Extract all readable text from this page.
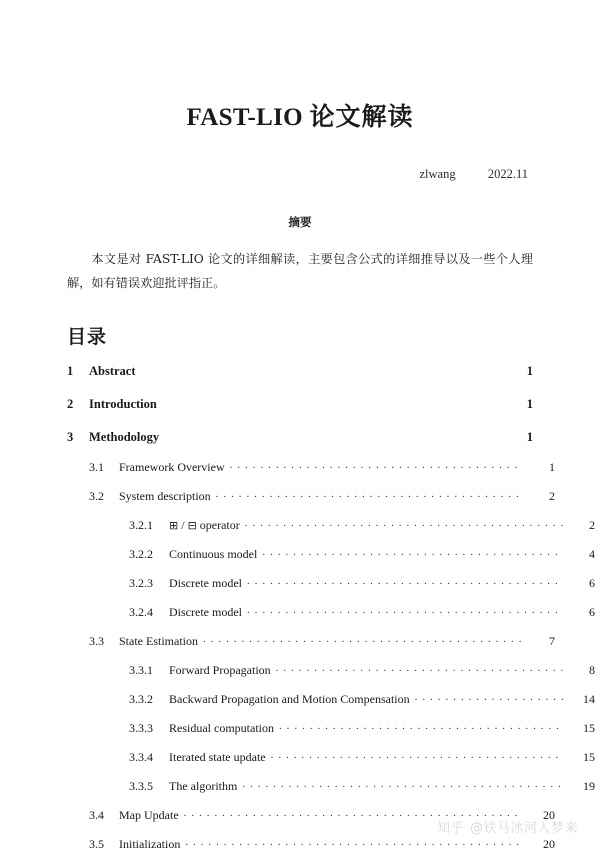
FAST-LIO 论文解读

zlwang	2022.11

摘要

本文是对 FAST-LIO 论文的详细解读，主要包含公式的详细推导以及一些个人理解，如有错误欢迎批评指正。

目录
1	Abstract	1
2	Introduction	1
3	Methodology	1
3.1	Framework Overview . . .	1
3.2	System description . . .	2
3.2.1	⊞ / ⊟ operator . . .	2
3.2.2	Continuous model . . .	4
3.2.3	Discrete model . . .	6
3.2.4	Discrete model . . .	6
3.3	State Estimation . . .	7
3.3.1	Forward Propagation . . .	8
3.3.2	Backward Propagation and Motion Compensation . . .	14
3.3.3	Residual computation . . .	15
3.3.4	Iterated state update . . .	15
3.3.5	The algorithm . . .	19
3.4	Map Update . . .	20
3.5	Initialization . . .	20
知乎 @铁马冰河入梦来
